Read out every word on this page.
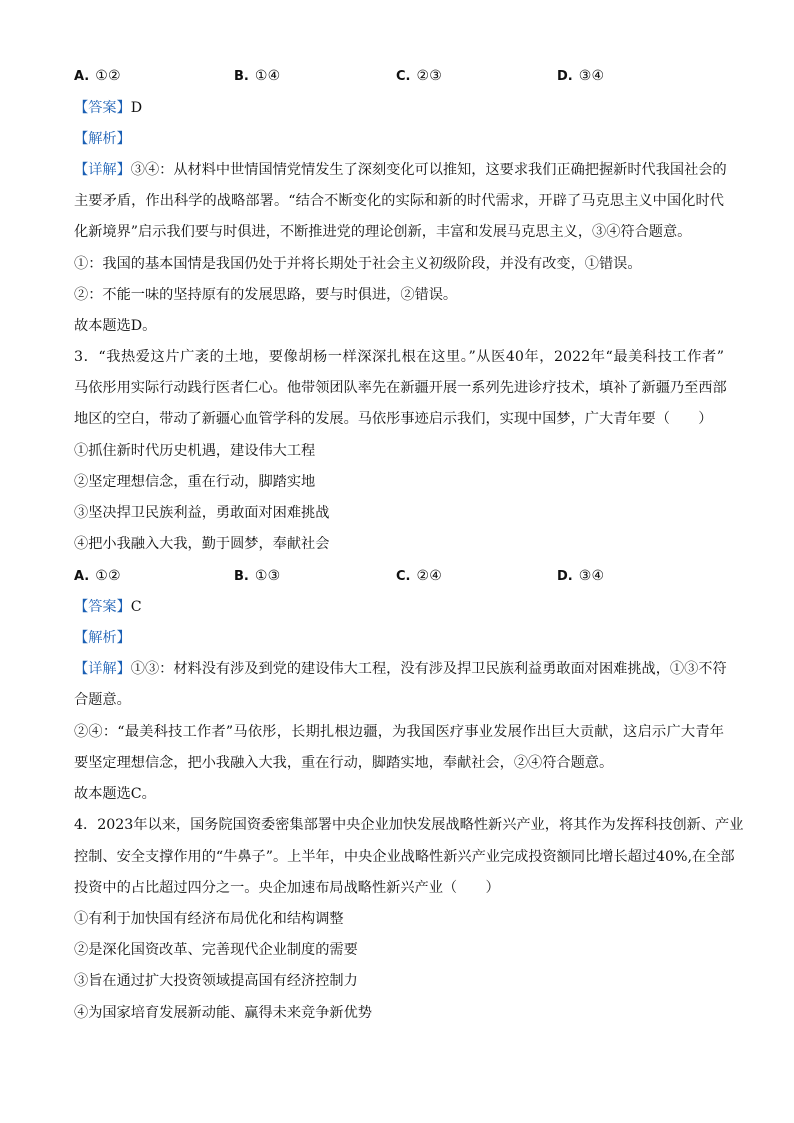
A. ①②	B. ①④	C. ②③	D. ③④
【答案】D
【解析】
【详解】③④：从材料中世情国情党情发生了深刻变化可以推知，这要求我们正确把握新时代我国社会的
主要矛盾，作出科学的战略部署。“结合不断变化的实际和新的时代需求，开辟了马克思主义中国化时代
化新境界”启示我们要与时俱进，不断推进党的理论创新，丰富和发展马克思主义，③④符合题意。
①：我国的基本国情是我国仍处于并将长期处于社会主义初级阶段，并没有改变，①错误。
②：不能一味的坚持原有的发展思路，要与时俱进，②错误。
故本题选D。
3．“我热爱这片广袤的土地，要像胡杨一样深深扎根在这里。”从医40年，2022年“最美科技工作者”
马依彤用实际行动践行医者仁心。他带领团队率先在新疆开展一系列先进诊疗技术，填补了新疆乃至西部
地区的空白，带动了新疆心血管学科的发展。马依彤事迹启示我们，实现中国梦，广大青年要（　　）
①抓住新时代历史机遇，建设伟大工程
②坚定理想信念，重在行动，脚踏实地
③坚决捍卫民族利益，勇敢面对困难挑战
④把小我融入大我，勤于圆梦，奉献社会
A. ①②	B. ①③	C. ②④	D. ③④
【答案】C
【解析】
【详解】①③：材料没有涉及到党的建设伟大工程，没有涉及捍卫民族利益勇敢面对困难挑战，①③不符
合题意。
②④：“最美科技工作者”马依彤，长期扎根边疆，为我国医疗事业发展作出巨大贡献，这启示广大青年
要坚定理想信念，把小我融入大我，重在行动，脚踏实地，奉献社会，②④符合题意。
故本题选C。
4．2023年以来，国务院国资委密集部署中央企业加快发展战略性新兴产业，将其作为发挥科技创新、产业
控制、安全支撑作用的“牛鼻子”。上半年，中央企业战略性新兴产业完成投资额同比增长超过40%,在全部
投资中的占比超过四分之一。央企加速布局战略性新兴产业（　　）
①有利于加快国有经济布局优化和结构调整
②是深化国资改革、完善现代企业制度的需要
③旨在通过扩大投资领域提高国有经济控制力
④为国家培育发展新动能、赢得未来竞争新优势
